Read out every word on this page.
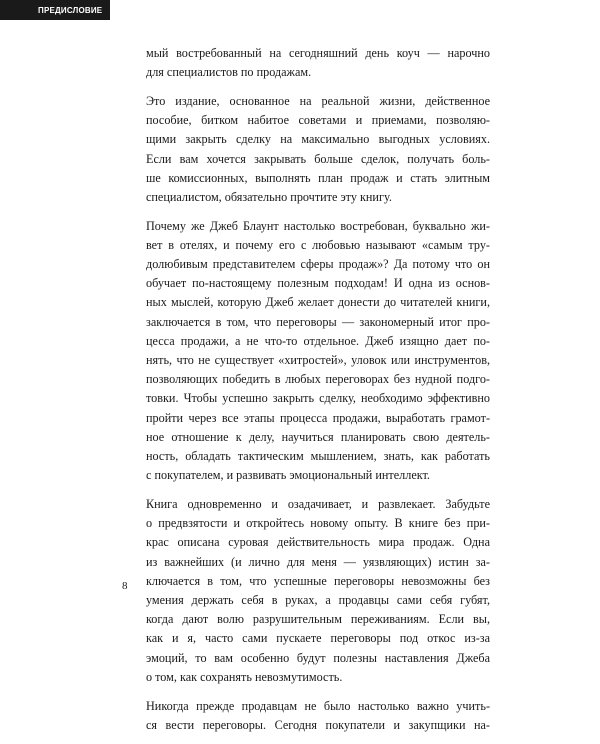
ПРЕДИСЛОВИЕ

мый востребованный на сегодняшний день коуч — нарочно
для специалистов по продажам.

Это издание, основанное на реальной жизни, действенное
пособие, битком набитое советами и приемами, позволяю-
щими закрыть сделку на максимально выгодных условиях.
Если вам хочется закрывать больше сделок, получать боль-
ше комиссионных, выполнять план продаж и стать элитным
специалистом, обязательно прочтите эту книгу.

Почему же Джеб Блаунт настолько востребован, буквально жи-
вет в отелях, и почему его с любовью называют «самым тру-
долюбивым представителем сферы продаж»? Да потому что он
обучает по-настоящему полезным подходам! И одна из основ-
ных мыслей, которую Джеб желает донести до читателей книги,
заключается в том, что переговоры — закономерный итог про-
цесса продажи, а не что-то отдельное. Джеб изящно дает по-
нять, что не существует «хитростей», уловок или инструментов,
позволяющих победить в любых переговорах без нудной подго-
товки. Чтобы успешно закрыть сделку, необходимо эффективно
пройти через все этапы процесса продажи, выработать грамот-
ное отношение к делу, научиться планировать свою деятель-
ность, обладать тактическим мышлением, знать, как работать
с покупателем, и развивать эмоциональный интеллект.

Книга одновременно и озадачивает, и развлекает. Забудьте
о предвзятости и откройтесь новому опыту. В книге без при-
крас описана суровая действительность мира продаж. Одна
из важнейших (и лично для меня — уязвляющих) истин за-
ключается в том, что успешные переговоры невозможны без
умения держать себя в руках, а продавцы сами себя губят,
когда дают волю разрушительным переживаниям. Если вы,
как и я, часто сами пускаете переговоры под откос из-за
эмоций, то вам особенно будут полезны наставления Джеба
о том, как сохранять невозмутимость.

Никогда прежде продавцам не было настолько важно учить-
ся вести переговоры. Сегодня покупатели и закупщики на-

8
